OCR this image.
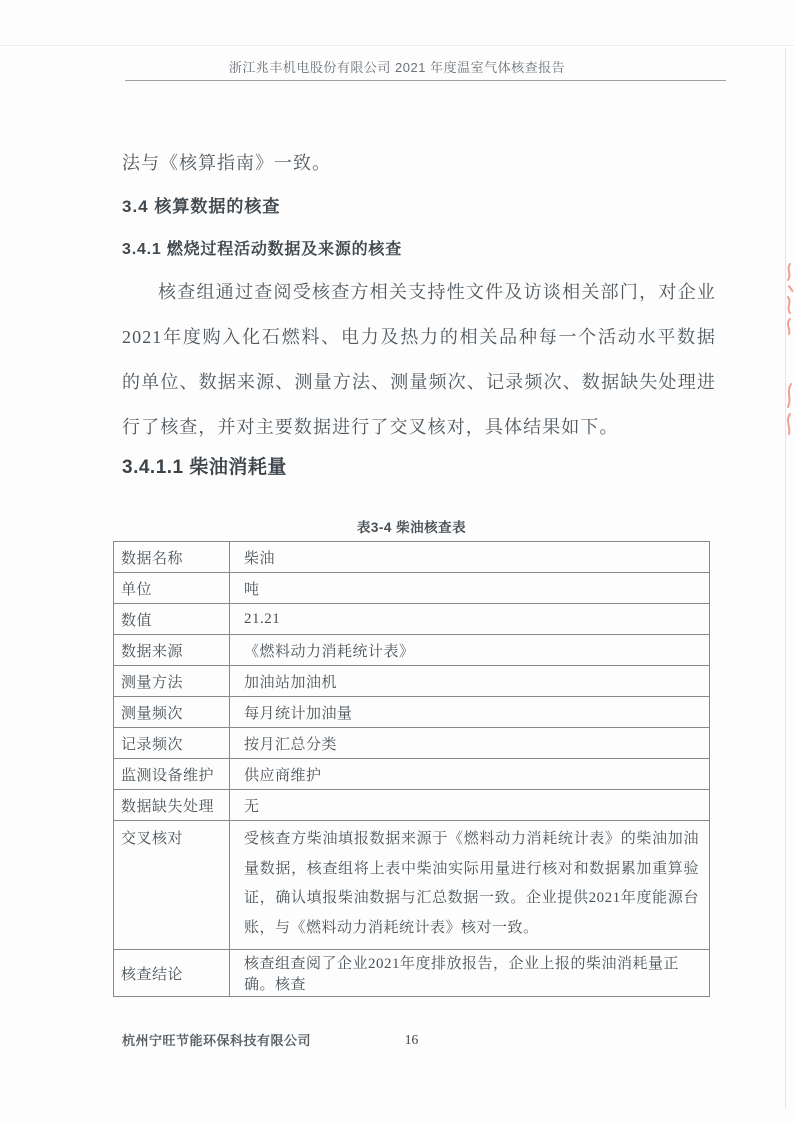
浙江兆丰机电股份有限公司 2021 年度温室气体核查报告

法与《核算指南》一致。

3.4 核算数据的核查
3.4.1 燃烧过程活动数据及来源的核查

核查组通过查阅受核查方相关支持性文件及访谈相关部门，对企业2021年度购入化石燃料、电力及热力的相关品种每一个活动水平数据的单位、数据来源、测量方法、测量频次、记录频次、数据缺失处理进行了核查，并对主要数据进行了交叉核对，具体结果如下。

3.4.1.1 柴油消耗量
表3-4 柴油核查表
数据名称	柴油
单位	吨
数值	21.21
数据来源	《燃料动力消耗统计表》
测量方法	加油站加油机
测量频次	每月统计加油量
记录频次	按月汇总分类
监测设备维护	供应商维护
数据缺失处理	无
交叉核对	受核查方柴油填报数据来源于《燃料动力消耗统计表》的柴油加油量数据，核查组将上表中柴油实际用量进行核对和数据累加重算验证，确认填报柴油数据与汇总数据一致。企业提供2021年度能源台账，与《燃料动力消耗统计表》核对一致。
核查结论	核查组查阅了企业2021年度排放报告，企业上报的柴油消耗量正确。核查
杭州宁旺节能环保科技有限公司	16
